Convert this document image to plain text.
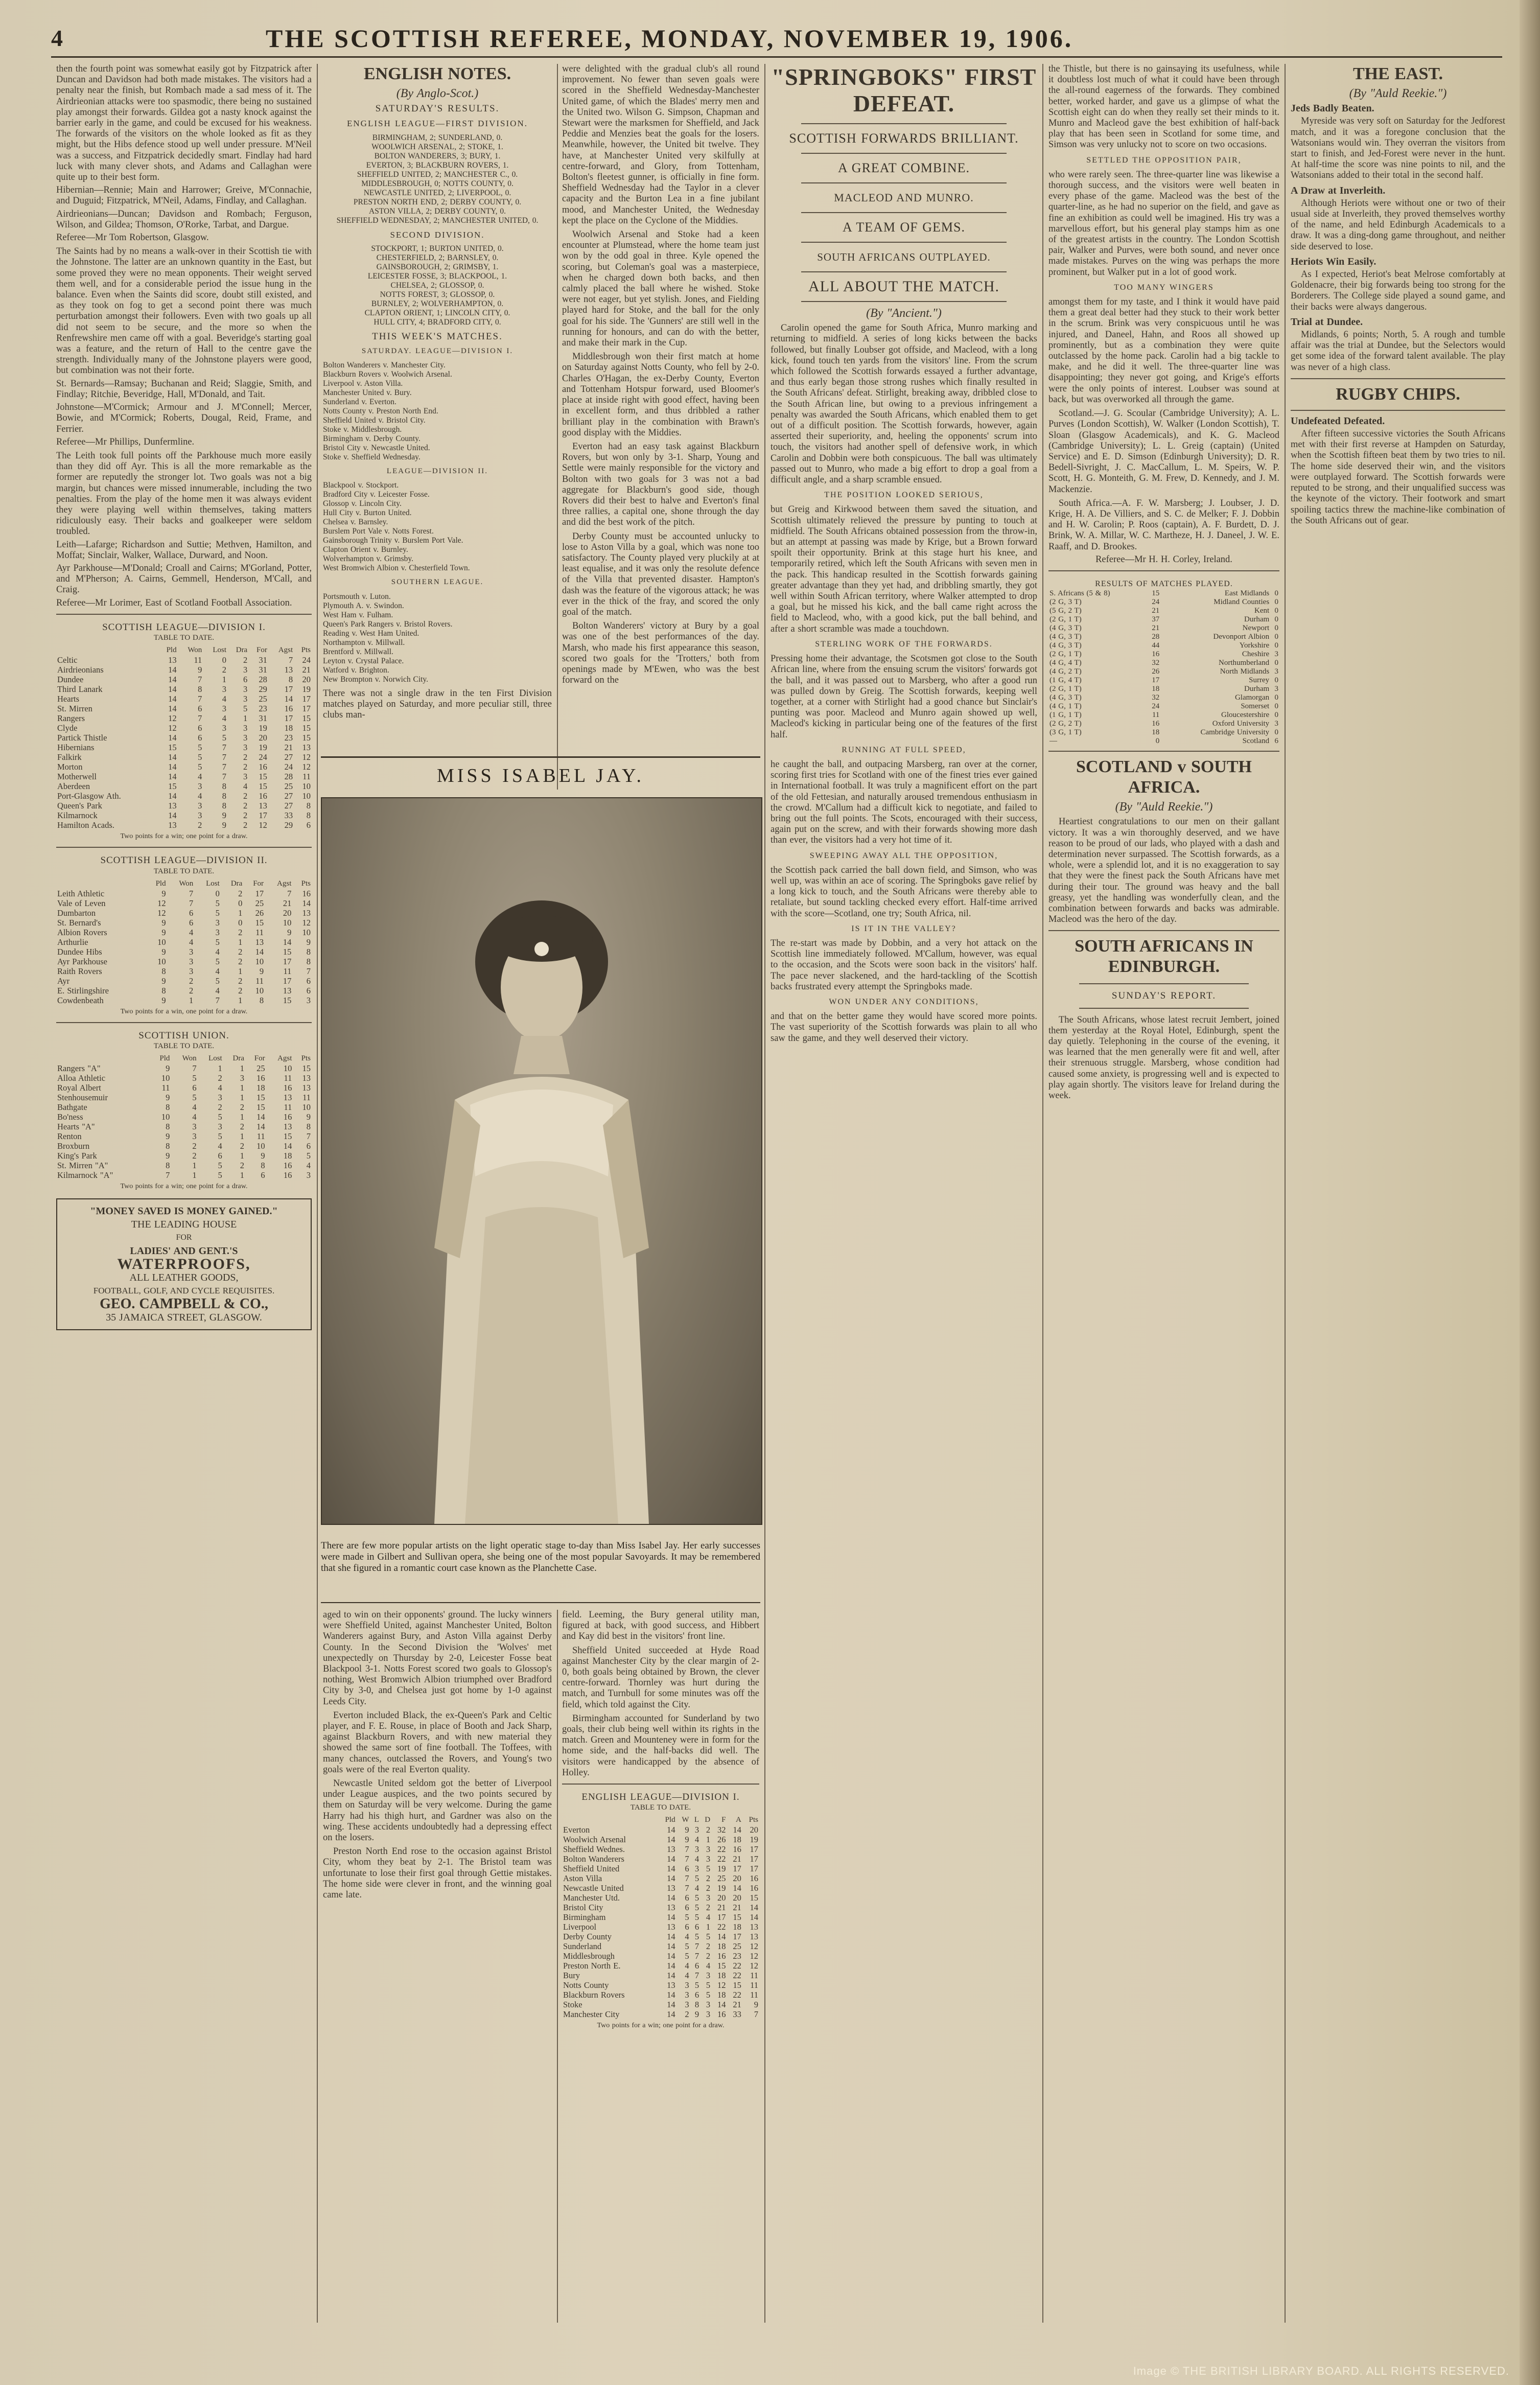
4	THE SCOTTISH REFEREE, MONDAY, NOVEMBER 19, 1906.

then the fourth point was somewhat easily got by Fitzpatrick after Duncan and Davidson had both made mistakes. The visitors had a penalty near the finish, but Rombach made a sad mess of it. The Airdrieonian attacks were too spasmodic, there being no sustained play amongst their forwards. Gildea got a nasty knock against the barrier early in the game, and could be excused for his weakness. The forwards of the visitors on the whole looked as fit as they might, but the Hibs defence stood up well under pressure. M'Neil was a success, and Fitzpatrick decidedly smart. Findlay had hard luck with many clever shots, and Adams and Callaghan were quite up to their best form.

Hibernian—Rennie; Main and Harrower; Greive, M'Connachie, and Duguid; Fitzpatrick, M'Neil, Adams, Findlay, and Callaghan.

Airdrieonians—Duncan; Davidson and Rombach; Ferguson, Wilson, and Gildea; Thomson, O'Rorke, Tarbat, and Dargue.

Referee—Mr Tom Robertson, Glasgow.

The Saints had by no means a walk-over in their Scottish tie with the Johnstone. The latter are an unknown quantity in the East, but some proved they were no mean opponents. Their weight served them well, and for a considerable period the issue hung in the balance. Even when the Saints did score, doubt still existed, and as they took on fog to get a second point there was much perturbation amongst their followers. Even with two goals up all did not seem to be secure, and the more so when the Renfrewshire men came off with a goal. Beveridge's starting goal was a feature, and the return of Hall to the centre gave the strength. Individually many of the Johnstone players were good, but combination was not their forte.

St. Bernards—Ramsay; Buchanan and Reid; Slaggie, Smith, and Findlay; Ritchie, Beveridge, Hall, M'Donald, and Tait.

Johnstone—M'Cormick; Armour and J. M'Connell; Mercer, Bowie, and M'Cormick; Roberts, Dougal, Reid, Frame, and Ferrier.

Referee—Mr Phillips, Dunfermline.

The Leith took full points off the Parkhouse much more easily than they did off Ayr. This is all the more remarkable as the former are reputedly the stronger lot. Two goals was not a big margin, but chances were missed innumerable, including the two penalties. From the play of the home men it was always evident they were playing well within themselves, taking matters ridiculously easy. Their backs and goalkeeper were seldom troubled.

Leith—Lafarge; Richardson and Suttie; Methven, Hamilton, and Moffat; Sinclair, Walker, Wallace, Durward, and Noon.

Ayr Parkhouse—M'Donald; Croall and Cairns; M'Gorland, Potter, and M'Pherson; A. Cairns, Gemmell, Henderson, M'Call, and Craig.

Referee—Mr Lorimer, East of Scotland Football Association.

SCOTTISH LEAGUE—DIVISION I.
TABLE TO DATE.
	Pld	Won	Lost	Dra	For	Agst	Pts
Celtic	13	11	0	2	31	7	24
Airdrieonians	14	9	2	3	31	13	21
Dundee	14	7	1	6	28	8	20
Third Lanark	14	8	3	3	29	17	19
Hearts	14	7	4	3	25	14	17
St. Mirren	14	6	3	5	23	16	17
Rangers	12	7	4	1	31	17	15
Clyde	12	6	3	3	19	18	15
Partick Thistle	14	6	5	3	20	23	15
Hibernians	15	5	7	3	19	21	13
Falkirk	14	5	7	2	24	27	12
Morton	14	5	7	2	16	24	12
Motherwell	14	4	7	3	15	28	11
Aberdeen	15	3	8	4	15	25	10
Port-Glasgow Ath.	14	4	8	2	16	27	10
Queen's Park	13	3	8	2	13	27	8
Kilmarnock	14	3	9	2	17	33	8
Hamilton Acads.	13	2	9	2	12	29	6
Two points for a win; one point for a draw.
SCOTTISH LEAGUE—DIVISION II.
TABLE TO DATE.
	Pld	Won	Lost	Dra	For	Agst	Pts
Leith Athletic	9	7	0	2	17	7	16
Vale of Leven	12	7	5	0	25	21	14
Dumbarton	12	6	5	1	26	20	13
St. Bernard's	9	6	3	0	15	10	12
Albion Rovers	9	4	3	2	11	9	10
Arthurlie	10	4	5	1	13	14	9
Dundee Hibs	9	3	4	2	14	15	8
Ayr Parkhouse	10	3	5	2	10	17	8
Raith Rovers	8	3	4	1	9	11	7
Ayr	9	2	5	2	11	17	6
E. Stirlingshire	8	2	4	2	10	13	6
Cowdenbeath	9	1	7	1	8	15	3
Two points for a win, one point for a draw.
SCOTTISH UNION.
TABLE TO DATE.
	Pld	Won	Lost	Dra	For	Agst	Pts
Rangers "A"	9	7	1	1	25	10	15
Alloa Athletic	10	5	2	3	16	11	13
Royal Albert	11	6	4	1	18	16	13
Stenhousemuir	9	5	3	1	15	13	11
Bathgate	8	4	2	2	15	11	10
Bo'ness	10	4	5	1	14	16	9
Hearts "A"	8	3	3	2	14	13	8
Renton	9	3	5	1	11	15	7
Broxburn	8	2	4	2	10	14	6
King's Park	9	2	6	1	9	18	5
St. Mirren "A"	8	1	5	2	8	16	4
Kilmarnock "A"	7	1	5	1	6	16	3
Two points for a win; one point for a draw.
"MONEY SAVED IS MONEY GAINED."
THE LEADING HOUSE
FOR
LADIES' AND GENT.'S
WATERPROOFS,
ALL LEATHER GOODS,
FOOTBALL, GOLF, AND CYCLE REQUISITES.
GEO. CAMPBELL & CO.,
35 JAMAICA STREET, GLASGOW.
ENGLISH NOTES.
(By Anglo-Scot.)
SATURDAY'S RESULTS.
ENGLISH LEAGUE—FIRST DIVISION.
BIRMINGHAM, 2; SUNDERLAND, 0.
WOOLWICH ARSENAL, 2; STOKE, 1.
BOLTON WANDERERS, 3; BURY, 1.
EVERTON, 3; BLACKBURN ROVERS, 1.
SHEFFIELD UNITED, 2; MANCHESTER C., 0.
MIDDLESBROUGH, 0; NOTTS COUNTY, 0.
NEWCASTLE UNITED, 2; LIVERPOOL, 0.
PRESTON NORTH END, 2; DERBY COUNTY, 0.
ASTON VILLA, 2; DERBY COUNTY, 0.
SHEFFIELD WEDNESDAY, 2; MANCHESTER UNITED, 0.
SECOND DIVISION.
STOCKPORT, 1; BURTON UNITED, 0.
CHESTERFIELD, 2; BARNSLEY, 0.
GAINSBOROUGH, 2; GRIMSBY, 1.
LEICESTER FOSSE, 3; BLACKPOOL, 1.
CHELSEA, 2; GLOSSOP, 0.
NOTTS FOREST, 3; GLOSSOP, 0.
BURNLEY, 2; WOLVERHAMPTON, 0.
CLAPTON ORIENT, 1; LINCOLN CITY, 0.
HULL CITY, 4; BRADFORD CITY, 0.
THIS WEEK'S MATCHES.
SATURDAY. LEAGUE—DIVISION I.
Bolton Wanderers v. Manchester City.
Blackburn Rovers v. Woolwich Arsenal.
Liverpool v. Aston Villa.
Manchester United v. Bury.
Sunderland v. Everton.
Notts County v. Preston North End.
Sheffield United v. Bristol City.
Stoke v. Middlesbrough.
Birmingham v. Derby County.
Bristol City v. Newcastle United.
Stoke v. Sheffield Wednesday.
LEAGUE—DIVISION II.
Blackpool v. Stockport.
Bradford City v. Leicester Fosse.
Glossop v. Lincoln City.
Hull City v. Burton United.
Chelsea v. Barnsley.
Burslem Port Vale v. Notts Forest.
Gainsborough Trinity v. Burslem Port Vale.
Clapton Orient v. Burnley.
Wolverhampton v. Grimsby.
West Bromwich Albion v. Chesterfield Town.
SOUTHERN LEAGUE.
Portsmouth v. Luton.
Plymouth A. v. Swindon.
West Ham v. Fulham.
Queen's Park Rangers v. Bristol Rovers.
Reading v. West Ham United.
Northampton v. Millwall.
Brentford v. Millwall.
Leyton v. Crystal Palace.
Watford v. Brighton.
New Brompton v. Norwich City.

There was not a single draw in the ten First Division matches played on Saturday, and more peculiar still, three clubs man-

were delighted with the gradual club's all round improvement. No fewer than seven goals were scored in the Sheffield Wednesday-Manchester United game, of which the Blades' merry men and the United two. Wilson G. Simpson, Chapman and Stewart were the marksmen for Sheffield, and Jack Peddie and Menzies beat the goals for the losers. Meanwhile, however, the United bit twelve. They have, at Manchester United very skilfully at centre-forward, and Glory, from Tottenham, Bolton's fleetest gunner, is officially in fine form. Sheffield Wednesday had the Taylor in a clever capacity and the Burton Lea in a fine jubilant mood, and Manchester United, the Wednesday kept the place on the Cyclone of the Middies.

Woolwich Arsenal and Stoke had a keen encounter at Plumstead, where the home team just won by the odd goal in three. Kyle opened the scoring, but Coleman's goal was a masterpiece, when he charged down both backs, and then calmly placed the ball where he wished. Stoke were not eager, but yet stylish. Jones, and Fielding played hard for Stoke, and the ball for the only goal for his side. The 'Gunners' are still well in the running for honours, and can do with the better, and make their mark in the Cup.

Middlesbrough won their first match at home on Saturday against Notts County, who fell by 2-0. Charles O'Hagan, the ex-Derby County, Everton and Tottenham Hotspur forward, used Bloomer's place at inside right with good effect, having been in excellent form, and thus dribbled a rather brilliant play in the combination with Brawn's good display with the Middies.

Everton had an easy task against Blackburn Rovers, but won only by 3-1. Sharp, Young and Settle were mainly responsible for the victory and Bolton with two goals for 3 was not a bad aggregate for Blackburn's good side, though Rovers did their best to halve and Everton's final three rallies, a capital one, shone through the day and did the best work of the pitch.

Derby County must be accounted unlucky to lose to Aston Villa by a goal, which was none too satisfactory. The County played very pluckily at at least equalise, and it was only the resolute defence of the Villa that prevented disaster. Hampton's dash was the feature of the vigorous attack; he was ever in the thick of the fray, and scored the only goal of the match.

Bolton Wanderers' victory at Bury by a goal was one of the best performances of the day. Marsh, who made his first appearance this season, scored two goals for the 'Trotters,' both from openings made by M'Ewen, who was the best forward on the

MISS ISABEL JAY.

There are few more popular artists on the light operatic stage to-day than Miss Isabel Jay. Her early successes were made in Gilbert and Sullivan opera, she being one of the most popular Savoyards. It may be remembered that she figured in a romantic court case known as the Planchette Case.

aged to win on their opponents' ground. The lucky winners were Sheffield United, against Manchester United, Bolton Wanderers against Bury, and Aston Villa against Derby County. In the Second Division the 'Wolves' met unexpectedly on Thursday by 2-0, Leicester Fosse beat Blackpool 3-1. Notts Forest scored two goals to Glossop's nothing, West Bromwich Albion triumphed over Bradford City by 3-0, and Chelsea just got home by 1-0 against Leeds City.

Everton included Black, the ex-Queen's Park and Celtic player, and F. E. Rouse, in place of Booth and Jack Sharp, against Blackburn Rovers, and with new material they showed the same sort of fine football. The Toffees, with many chances, outclassed the Rovers, and Young's two goals were of the real Everton quality.

Newcastle United seldom got the better of Liverpool under League auspices, and the two points secured by them on Saturday will be very welcome. During the game Harry had his thigh hurt, and Gardner was also on the wing. These accidents undoubtedly had a depressing effect on the losers.

Preston North End rose to the occasion against Bristol City, whom they beat by 2-1. The Bristol team was unfortunate to lose their first goal through Gettie mistakes. The home side were clever in front, and the winning goal came late.

field. Leeming, the Bury general utility man, figured at back, with good success, and Hibbert and Kay did best in the visitors' front line.

Sheffield United succeeded at Hyde Road against Manchester City by the clear margin of 2-0, both goals being obtained by Brown, the clever centre-forward. Thornley was hurt during the match, and Turnbull for some minutes was off the field, which told against the City.

Birmingham accounted for Sunderland by two goals, their club being well within its rights in the match. Green and Mounteney were in form for the home side, and the half-backs did well. The visitors were handicapped by the absence of Holley.

ENGLISH LEAGUE—DIVISION I.
TABLE TO DATE.
	Pld	W	L	D	F	A	Pts
Everton	14	9	3	2	32	14	20
Woolwich Arsenal	14	9	4	1	26	18	19
Sheffield Wednes.	13	7	3	3	22	16	17
Bolton Wanderers	14	7	4	3	22	21	17
Sheffield United	14	6	3	5	19	17	17
Aston Villa	14	7	5	2	25	20	16
Newcastle United	13	7	4	2	19	14	16
Manchester Utd.	14	6	5	3	20	20	15
Bristol City	13	6	5	2	21	21	14
Birmingham	14	5	5	4	17	15	14
Liverpool	13	6	6	1	22	18	13
Derby County	14	4	5	5	14	17	13
Sunderland	14	5	7	2	18	25	12
Middlesbrough	14	5	7	2	16	23	12
Preston North E.	14	4	6	4	15	22	12
Bury	14	4	7	3	18	22	11
Notts County	13	3	5	5	12	15	11
Blackburn Rovers	14	3	6	5	18	22	11
Stoke	14	3	8	3	14	21	9
Manchester City	14	2	9	3	16	33	7
Two points for a win; one point for a draw.
"SPRINGBOKS" FIRST DEFEAT.
SCOTTISH FORWARDS BRILLIANT.
A GREAT COMBINE.
MACLEOD AND MUNRO.
A TEAM OF GEMS.
SOUTH AFRICANS OUTPLAYED.
ALL ABOUT THE MATCH.
(By "Ancient.")

Carolin opened the game for South Africa, Munro marking and returning to midfield. A series of long kicks between the backs followed, but finally Loubser got offside, and Macleod, with a long kick, found touch ten yards from the visitors' line. From the scrum which followed the Scottish forwards essayed a further advantage, and thus early began those strong rushes which finally resulted in the South Africans' defeat. Stirlight, breaking away, dribbled close to the South African line, but owing to a previous infringement a penalty was awarded the South Africans, which enabled them to get out of a difficult position. The Scottish forwards, however, again asserted their superiority, and, heeling the opponents' scrum into touch, the visitors had another spell of defensive work, in which Carolin and Dobbin were both conspicuous. The ball was ultimately passed out to Munro, who made a big effort to drop a goal from a difficult angle, and a sharp scramble ensued.

THE POSITION LOOKED SERIOUS,

but Greig and Kirkwood between them saved the situation, and Scottish ultimately relieved the pressure by punting to touch at midfield. The South Africans obtained possession from the throw-in, but an attempt at passing was made by Krige, but a Brown forward spoilt their opportunity. Brink at this stage hurt his knee, and temporarily retired, which left the South Africans with seven men in the pack. This handicap resulted in the Scottish forwards gaining greater advantage than they yet had, and dribbling smartly, they got well within South African territory, where Walker attempted to drop a goal, but he missed his kick, and the ball came right across the field to Macleod, who, with a good kick, put the ball behind, and after a short scramble was made a touchdown.

STERLING WORK OF THE FORWARDS.

Pressing home their advantage, the Scotsmen got close to the South African line, where from the ensuing scrum the visitors' forwards got the ball, and it was passed out to Marsberg, who after a good run was pulled down by Greig. The Scottish forwards, keeping well together, at a corner with Stirlight had a good chance but Sinclair's punting was poor. Macleod and Munro again showed up well, Macleod's kicking in particular being one of the features of the first half.

RUNNING AT FULL SPEED,

he caught the ball, and outpacing Marsberg, ran over at the corner, scoring first tries for Scotland with one of the finest tries ever gained in International football. It was truly a magnificent effort on the part of the old Fettesian, and naturally aroused tremendous enthusiasm in the crowd. M'Callum had a difficult kick to negotiate, and failed to bring out the full points. The Scots, encouraged with their success, again put on the screw, and with their forwards showing more dash than ever, the visitors had a very hot time of it.

SWEEPING AWAY ALL THE OPPOSITION,

the Scottish pack carried the ball down field, and Simson, who was well up, was within an ace of scoring. The Springboks gave relief by a long kick to touch, and the South Africans were thereby able to retaliate, but sound tackling checked every effort. Half-time arrived with the score—Scotland, one try; South Africa, nil.

IS IT IN THE VALLEY?

The re-start was made by Dobbin, and a very hot attack on the Scottish line immediately followed. M'Callum, however, was equal to the occasion, and the Scots were soon back in the visitors' half. The pace never slackened, and the hard-tackling of the Scottish backs frustrated every attempt the Springboks made.

WON UNDER ANY CONDITIONS,

and that on the better game they would have scored more points. The vast superiority of the Scottish forwards was plain to all who saw the game, and they well deserved their victory.

the Thistle, but there is no gainsaying its usefulness, while it doubtless lost much of what it could have been through the all-round eagerness of the forwards. They combined better, worked harder, and gave us a glimpse of what the Scottish eight can do when they really set their minds to it. Munro and Macleod gave the best exhibition of half-back play that has been seen in Scotland for some time, and Simson was very unlucky not to score on two occasions.

SETTLED THE OPPOSITION PAIR,

who were rarely seen. The three-quarter line was likewise a thorough success, and the visitors were well beaten in every phase of the game. Macleod was the best of the quarter-line, as he had no superior on the field, and gave as fine an exhibition as could well be imagined. His try was a marvellous effort, but his general play stamps him as one of the greatest artists in the country. The London Scottish pair, Walker and Purves, were both sound, and never once made mistakes. Purves on the wing was perhaps the more prominent, but Walker put in a lot of good work.

TOO MANY WINGERS

amongst them for my taste, and I think it would have paid them a great deal better had they stuck to their work better in the scrum. Brink was very conspicuous until he was injured, and Daneel, Hahn, and Roos all showed up prominently, but as a combination they were quite outclassed by the home pack. Carolin had a big tackle to make, and he did it well. The three-quarter line was disappointing; they never got going, and Krige's efforts were the only points of interest. Loubser was sound at back, but was overworked all through the game.

Scotland.—J. G. Scoular (Cambridge University); A. L. Purves (London Scottish), W. Walker (London Scottish), T. Sloan (Glasgow Academicals), and K. G. Macleod (Cambridge University); L. L. Greig (captain) (United Service) and E. D. Simson (Edinburgh University); D. R. Bedell-Sivright, J. C. MacCallum, L. M. Speirs, W. P. Scott, H. G. Monteith, G. M. Frew, D. Kennedy, and J. M. Mackenzie.

South Africa.—A. F. W. Marsberg; J. Loubser, J. D. Krige, H. A. De Villiers, and S. C. de Melker; F. J. Dobbin and H. W. Carolin; P. Roos (captain), A. F. Burdett, D. J. Brink, W. A. Millar, W. C. Martheze, H. J. Daneel, J. W. E. Raaff, and D. Brookes.

Referee—Mr H. H. Corley, Ireland.

RESULTS OF MATCHES PLAYED.
S. Africans (5 & 8)	15	East Midlands	0
(2 G, 3 T)	24	Midland Counties	0
(5 G, 2 T)	21	Kent	0
(2 G, 1 T)	37	Durham	0
(4 G, 3 T)	21	Newport	0
(4 G, 3 T)	28	Devonport Albion	0
(4 G, 3 T)	44	Yorkshire	0
(2 G, 1 T)	16	Cheshire	3
(4 G, 4 T)	32	Northumberland	0
(4 G, 2 T)	26	North Midlands	3
(1 G, 4 T)	17	Surrey	0
(2 G, 1 T)	18	Durham	3
(4 G, 3 T)	32	Glamorgan	0
(4 G, 1 T)	24	Somerset	0
(1 G, 1 T)	11	Gloucestershire	0
(2 G, 2 T)	16	Oxford University	3
(3 G, 1 T)	18	Cambridge University	0
—	0	Scotland	6
SCOTLAND v SOUTH AFRICA.
(By "Auld Reekie.")

Heartiest congratulations to our men on their gallant victory. It was a win thoroughly deserved, and we have reason to be proud of our lads, who played with a dash and determination never surpassed. The Scottish forwards, as a whole, were a splendid lot, and it is no exaggeration to say that they were the finest pack the South Africans have met during their tour. The ground was heavy and the ball greasy, yet the handling was wonderfully clean, and the combination between forwards and backs was admirable. Macleod was the hero of the day.

SOUTH AFRICANS IN EDINBURGH.
SUNDAY'S REPORT.

The South Africans, whose latest recruit Jembert, joined them yesterday at the Royal Hotel, Edinburgh, spent the day quietly. Telephoning in the course of the evening, it was learned that the men generally were fit and well, after their strenuous struggle. Marsberg, whose condition had caused some anxiety, is progressing well and is expected to play again shortly. The visitors leave for Ireland during the week.

THE EAST.
(By "Auld Reekie.")
Jeds Badly Beaten.

Myreside was very soft on Saturday for the Jedforest match, and it was a foregone conclusion that the Watsonians would win. They overran the visitors from start to finish, and Jed-Forest were never in the hunt. At half-time the score was nine points to nil, and the Watsonians added to their total in the second half.

A Draw at Inverleith.

Although Heriots were without one or two of their usual side at Inverleith, they proved themselves worthy of the name, and held Edinburgh Academicals to a draw. It was a ding-dong game throughout, and neither side deserved to lose.

Heriots Win Easily.

As I expected, Heriot's beat Melrose comfortably at Goldenacre, their big forwards being too strong for the Borderers. The College side played a sound game, and their backs were always dangerous.

Trial at Dundee.

Midlands, 6 points; North, 5. A rough and tumble affair was the trial at Dundee, but the Selectors would get some idea of the forward talent available. The play was never of a high class.

RUGBY CHIPS.
Undefeated Defeated.

After fifteen successive victories the South Africans met with their first reverse at Hampden on Saturday, when the Scottish fifteen beat them by two tries to nil. The home side deserved their win, and the visitors were outplayed forward. The Scottish forwards were reputed to be strong, and their unqualified success was the keynote of the victory. Their footwork and smart spoiling tactics threw the machine-like combination of the South Africans out of gear.

Image © THE BRITISH LIBRARY BOARD. ALL RIGHTS RESERVED.
